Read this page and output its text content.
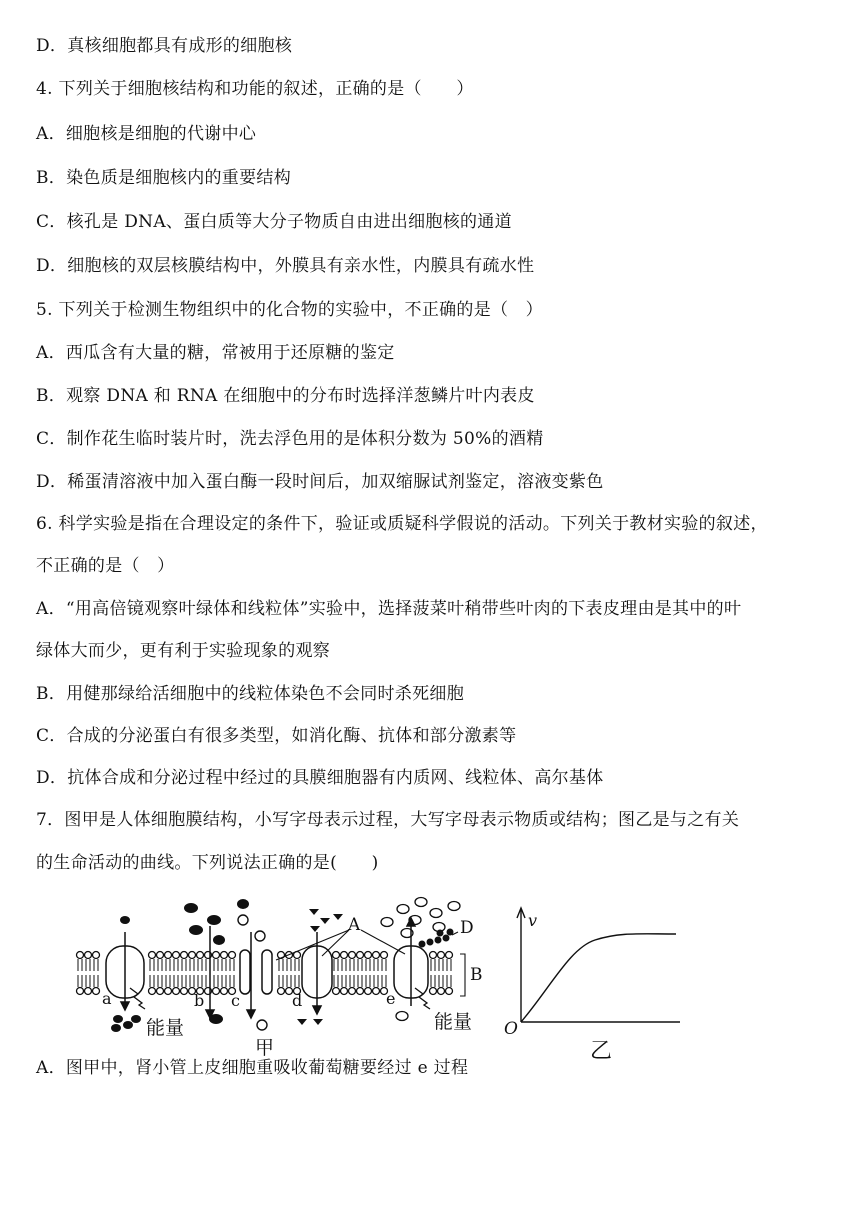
D．真核细胞都具有成形的细胞核
4. 下列关于细胞核结构和功能的叙述，正确的是（　　）
A．细胞核是细胞的代谢中心
B．染色质是细胞核内的重要结构
C．核孔是 DNA、蛋白质等大分子物质自由进出细胞核的通道
D．细胞核的双层核膜结构中，外膜具有亲水性，内膜具有疏水性
5. 下列关于检测生物组织中的化合物的实验中，不正确的是（　）
A．西瓜含有大量的糖，常被用于还原糖的鉴定
B．观察 DNA 和 RNA 在细胞中的分布时选择洋葱鳞片叶内表皮
C．制作花生临时装片时，洗去浮色用的是体积分数为 50%的酒精
D．稀蛋清溶液中加入蛋白酶一段时间后，加双缩脲试剂鉴定，溶液变紫色
6. 科学实验是指在合理设定的条件下，验证或质疑科学假说的活动。下列关于教材实验的叙述，
不正确的是（　）
A．“用高倍镜观察叶绿体和线粒体”实验中，选择菠菜叶稍带些叶肉的下表皮理由是其中的叶
绿体大而少，更有利于实验现象的观察
B．用健那绿给活细胞中的线粒体染色不会同时杀死细胞
C．合成的分泌蛋白有很多类型，如消化酶、抗体和部分激素等
D．抗体合成和分泌过程中经过的具膜细胞器有内质网、线粒体、高尔基体
7．图甲是人体细胞膜结构，小写字母表示过程，大写字母表示物质或结构；图乙是与之有关
的生命活动的曲线。下列说法正确的是(　　)
A．图甲中，肾小管上皮细胞重吸收葡萄糖要经过 e 过程
A	D
B
a	b c	d	e
能量	能量
甲
v
O
乙
